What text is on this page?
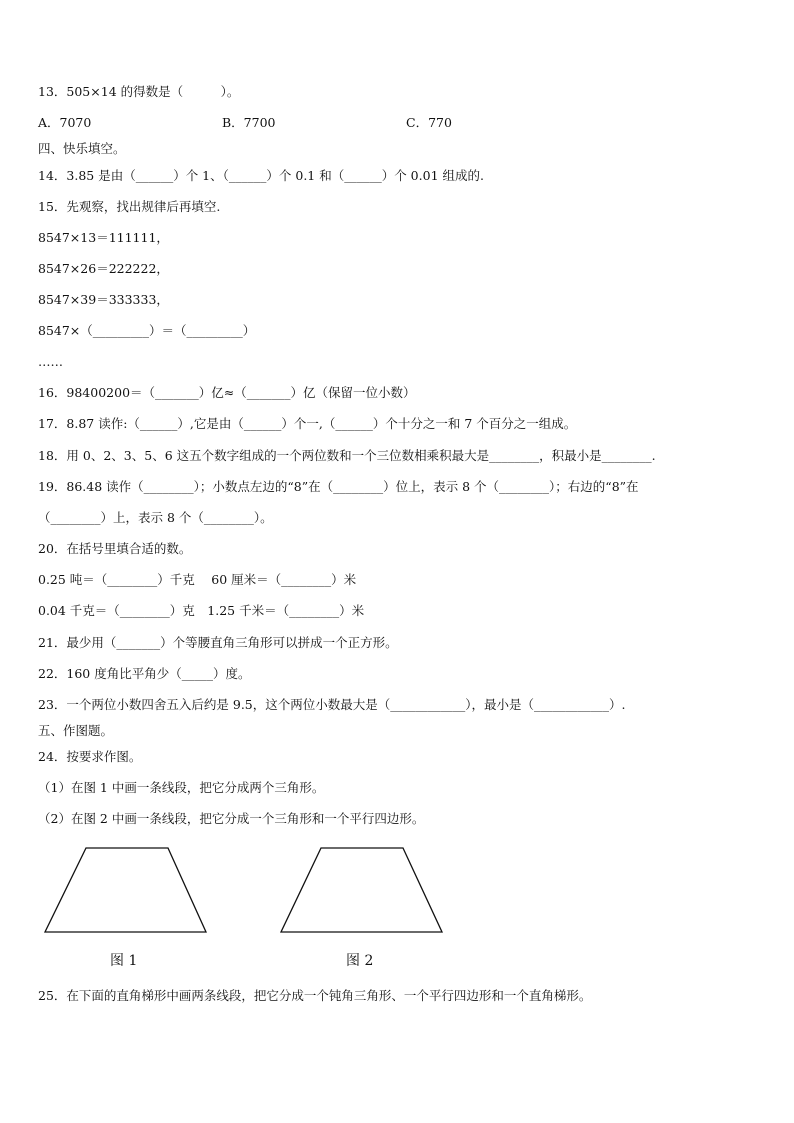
13．505×14 的得数是（　　　）。
A．7070	B．7700	C．770
四、快乐填空。
14．3.85 是由（______）个 1、（______）个 0.1 和（______）个 0.01 组成的.
15．先观察，找出规律后再填空.
8547×13＝111111，
8547×26＝222222，
8547×39＝333333，
8547×（_________）＝（_________）
……
16．98400200＝（_______）亿≈（_______）亿（保留一位小数）
17．8.87 读作:（______）,它是由（______）个一,（______）个十分之一和 7 个百分之一组成。
18．用 0、2、3、5、6 这五个数字组成的一个两位数和一个三位数相乘积最大是________，积最小是________.
19．86.48 读作（________）；小数点左边的“8”在（________）位上，表示 8 个（________）；右边的“8”在
（________）上，表示 8 个（________）。
20．在括号里填合适的数。
0.25 吨＝（________）千克　 60 厘米＝（________）米
0.04 千克＝（________）克　1.25 千米＝（________）米
21．最少用（_______）个等腰直角三角形可以拼成一个正方形。
22．160 度角比平角少（_____）度。
23．一个两位小数四舍五入后约是 9.5，这个两位小数最大是（____________），最小是（____________）.
五、作图题。
24．按要求作图。
（1）在图 1 中画一条线段，把它分成两个三角形。
（2）在图 2 中画一条线段，把它分成一个三角形和一个平行四边形。
图 1	图 2
25．在下面的直角梯形中画两条线段，把它分成一个钝角三角形、一个平行四边形和一个直角梯形。
